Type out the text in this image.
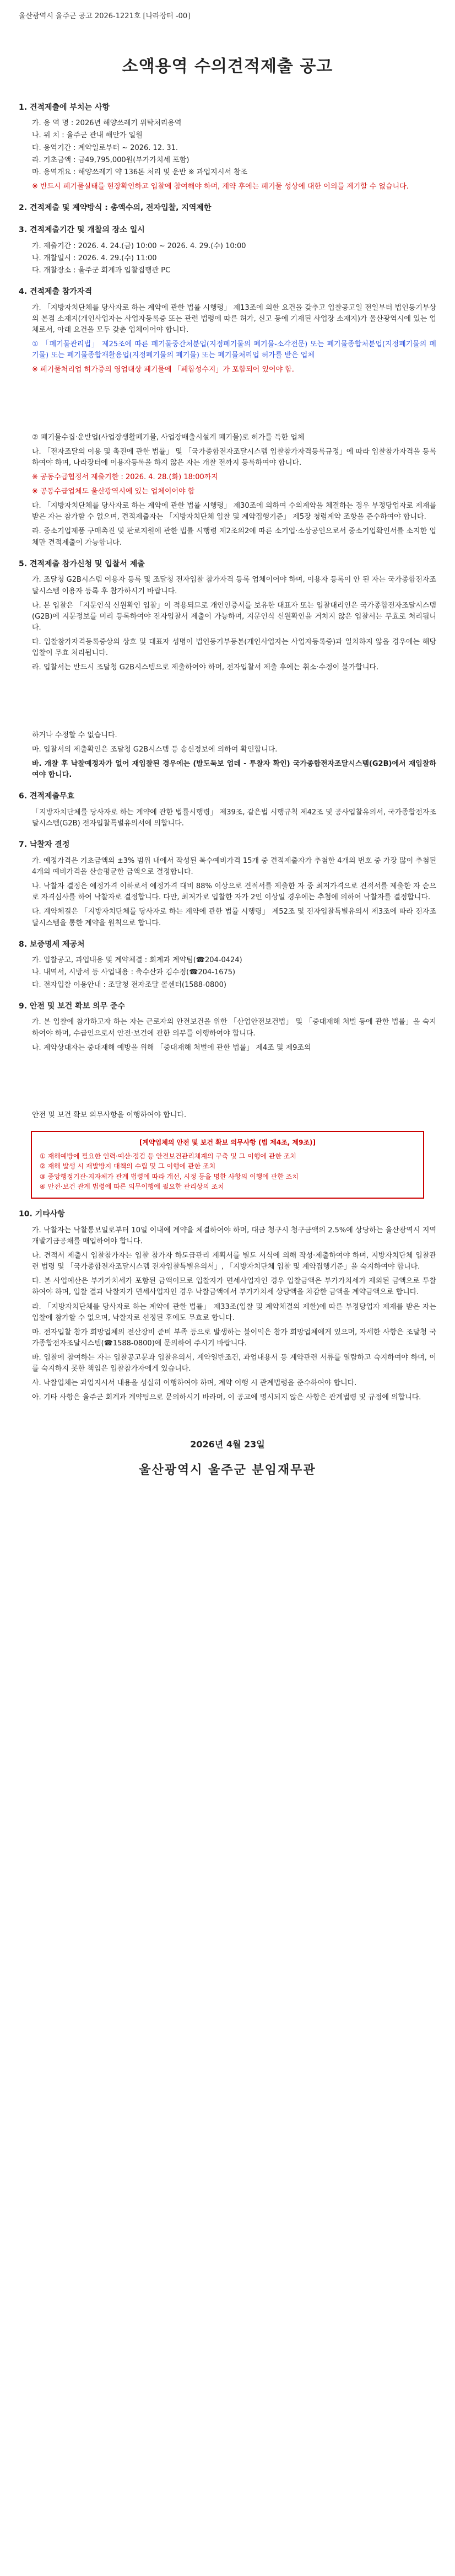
울산광역시 울주군 공고 2026-1221호 [나라장터 -00]
소액용역 수의견적제출 공고
1. 견적제출에 부치는 사항
가. 용 역 명 : 2026년 해양쓰레기 위탁처리용역
나. 위 치 : 울주군 관내 해안가 일원
다. 용역기간 : 계약일로부터 ~ 2026. 12. 31.
라. 기초금액 : 금49,795,000원(부가가치세 포함)
마. 용역개요 : 해양쓰레기 약 136톤 처리 및 운반 ※ 과업지시서 참조
※ 반드시 폐기물실태를 현장확인하고 입찰에 참여해야 하며, 계약 후에는 폐기물 성상에 대한 이의를 제기할 수 없습니다.
2. 견적제출 및 계약방식 : 총액수의, 전자입찰, 지역제한
3. 견적제출기간 및 개찰의 장소 일시
가. 제출기간 : 2026. 4. 24.(금) 10:00 ~ 2026. 4. 29.(수) 10:00
나. 개찰일시 : 2026. 4. 29.(수) 11:00
다. 개찰장소 : 울주군 회계과 입찰집행관 PC
4. 견적제출 참가자격
가. 「지방자치단체를 당사자로 하는 계약에 관한 법률 시행령」 제13조에 의한 요건을 갖추고 입찰공고일 전일부터 법인등기부상의 본점 소재지(개인사업자는 사업자등록증 또는 관련 법령에 따른 허가, 신고 등에 기재된 사업장 소재지)가 울산광역시에 있는 업체로서, 아래 요건을 모두 갖춘 업체이어야 합니다.
① 「폐기물관리법」 제25조에 따른 폐기물중간처분업(지정폐기물의 폐기물-소각전문) 또는 폐기물종합처분업(지정폐기물의 폐기물) 또는 폐기물종합재활용업(지정폐기물의 폐기물) 또는 폐기물처리업 허가를 받은 업체
※ 폐기물처리업 허가증의 영업대상 폐기물에 「폐합성수지」가 포함되어 있어야 함.
② 폐기물수집·운반업(사업장생활폐기물, 사업장배출시설계 폐기물)로 허가를 득한 업체
나. 「전자조달의 이용 및 촉진에 관한 법률」 및 「국가종합전자조달시스템 입찰참가자격등록규정」에 따라 입찰참가자격을 등록하여야 하며, 나라장터에 이용자등록을 하지 않은 자는 개찰 전까지 등록하여야 합니다.
※ 공동수급협정서 제출기한 : 2026. 4. 28.(화) 18:00까지
※ 공동수급업체도 울산광역시에 있는 업체이어야 함
다. 「지방자치단체를 당사자로 하는 계약에 관한 법률 시행령」 제30조에 의하여 수의계약을 체결하는 경우 부정당업자로 제재를 받은 자는 참가할 수 없으며, 견적제출자는 「지방자치단체 입찰 및 계약집행기준」 제5장 청렴계약 조항을 준수하여야 합니다.
라. 중소기업제품 구매촉진 및 판로지원에 관한 법률 시행령 제2조의2에 따른 소기업·소상공인으로서 중소기업확인서를 소지한 업체만 견적제출이 가능합니다.
5. 견적제출 참가신청 및 입찰서 제출
가. 조달청 G2B시스템 이용자 등록 및 조달청 전자입찰 참가자격 등록 업체이어야 하며, 이용자 등록이 안 된 자는 국가종합전자조달시스템 이용자 등록 후 참가하시기 바랍니다.
나. 본 입찰은 「지문인식 신원확인 입찰」이 적용되므로 개인인증서를 보유한 대표자 또는 입찰대리인은 국가종합전자조달시스템(G2B)에 지문정보를 미리 등록하여야 전자입찰서 제출이 가능하며, 지문인식 신원확인을 거치지 않은 입찰서는 무효로 처리됩니다.
다. 입찰참가자격등록증상의 상호 및 대표자 성명이 법인등기부등본(개인사업자는 사업자등록증)과 일치하지 않을 경우에는 해당 입찰이 무효 처리됩니다.
라. 입찰서는 반드시 조달청 G2B시스템으로 제출하여야 하며, 전자입찰서 제출 후에는 취소·수정이 불가합니다.
하거나 수정할 수 없습니다.
마. 입찰서의 제출확인은 조달청 G2B시스템 등 송신정보에 의하여 확인합니다.
바. 개찰 후 낙찰예정자가 없어 재입찰된 경우에는 (발도둑보 업데 - 투찰자 확인) 국가종합전자조달시스템(G2B)에서 재입찰하여야 합니다.
6. 견적제출무효
「지방자치단체를 당사자로 하는 계약에 관한 법률시행령」 제39조, 같은법 시행규칙 제42조 및 공사입찰유의서, 국가종합전자조달시스템(G2B) 전자입찰특별유의서에 의합니다.
7. 낙찰자 결정
가. 예정가격은 기초금액의 ±3% 범위 내에서 작성된 복수예비가격 15개 중 견적제출자가 추첨한 4개의 번호 중 가장 많이 추첨된 4개의 예비가격을 산술평균한 금액으로 결정합니다.
나. 낙찰자 결정은 예정가격 이하로서 예정가격 대비 88% 이상으로 견적서를 제출한 자 중 최저가격으로 견적서를 제출한 자 순으로 자격심사를 하여 낙찰자로 결정합니다. 다만, 최저가로 입찰한 자가 2인 이상일 경우에는 추첨에 의하여 낙찰자를 결정합니다.
다. 계약체결은 「지방자치단체를 당사자로 하는 계약에 관한 법률 시행령」 제52조 및 전자입찰특별유의서 제3조에 따라 전자조달시스템을 통한 계약을 원칙으로 합니다.
8. 보증명세 제공처
가. 입찰공고, 과업내용 및 계약체결 : 회계과 계약팀(☎204-0424)
나. 내역서, 시방서 등 사업내용 : 축수산과 김수정(☎204-1675)
다. 전자입찰 이용안내 : 조달청 전자조달 콜센터(1588-0800)
9. 안전 및 보건 확보 의무 준수
가. 본 입찰에 참가하고자 하는 자는 근로자의 안전보건을 위한 「산업안전보건법」 및 「중대재해 처벌 등에 관한 법률」을 숙지하여야 하며, 수급인으로서 안전·보건에 관한 의무를 이행하여야 합니다.
나. 계약상대자는 중대재해 예방을 위해 「중대재해 처벌에 관한 법률」 제4조 및 제9조의
안전 및 보건 확보 의무사항을 이행하여야 합니다.
[계약업체의 안전 및 보건 확보 의무사항 (법 제4조, 제9조)]
① 재해예방에 필요한 인력·예산·점검 등 안전보건관리체계의 구축 및 그 이행에 관한 조치
② 재해 발생 시 재발방지 대책의 수립 및 그 이행에 관한 조치
③ 중앙행정기관·지자체가 관계 법령에 따라 개선, 시정 등을 명한 사항의 이행에 관한 조치
④ 안전·보건 관계 법령에 따른 의무이행에 필요한 관리상의 조치
10. 기타사항
가. 낙찰자는 낙찰통보일로부터 10일 이내에 계약을 체결하여야 하며, 대금 청구시 청구금액의 2.5%에 상당하는 울산광역시 지역개발기금공채를 매입하여야 합니다.
나. 견적서 제출시 입찰참가자는 입찰 참가자 하도급관리 계획서를 별도 서식에 의해 작성·제출하여야 하며, 지방자치단체 입찰관련 법령 및 「국가종합전자조달시스템 전자입찰특별유의서」, 「지방자치단체 입찰 및 계약집행기준」을 숙지하여야 합니다.
다. 본 사업예산은 부가가치세가 포함된 금액이므로 입찰자가 면세사업자인 경우 입찰금액은 부가가치세가 제외된 금액으로 투찰하여야 하며, 입찰 결과 낙찰자가 면세사업자인 경우 낙찰금액에서 부가가치세 상당액을 차감한 금액을 계약금액으로 합니다.
라. 「지방자치단체를 당사자로 하는 계약에 관한 법률」 제33조(입찰 및 계약체결의 제한)에 따른 부정당업자 제재를 받은 자는 입찰에 참가할 수 없으며, 낙찰자로 선정된 후에도 무효로 합니다.
마. 전자입찰 참가 희망업체의 전산장비 준비 부족 등으로 발생하는 불이익은 참가 희망업체에게 있으며, 자세한 사항은 조달청 국가종합전자조달시스템(☎1588-0800)에 문의하여 주시기 바랍니다.
바. 입찰에 참여하는 자는 입찰공고문과 입찰유의서, 계약일반조건, 과업내용서 등 계약관련 서류를 열람하고 숙지하여야 하며, 이를 숙지하지 못한 책임은 입찰참가자에게 있습니다.
사. 낙찰업체는 과업지시서 내용을 성실히 이행하여야 하며, 계약 이행 시 관계법령을 준수하여야 합니다.
아. 기타 사항은 울주군 회계과 계약팀으로 문의하시기 바라며, 이 공고에 명시되지 않은 사항은 관계법령 및 규정에 의합니다.
2026년 4월 23일
울산광역시 울주군 분임재무관
